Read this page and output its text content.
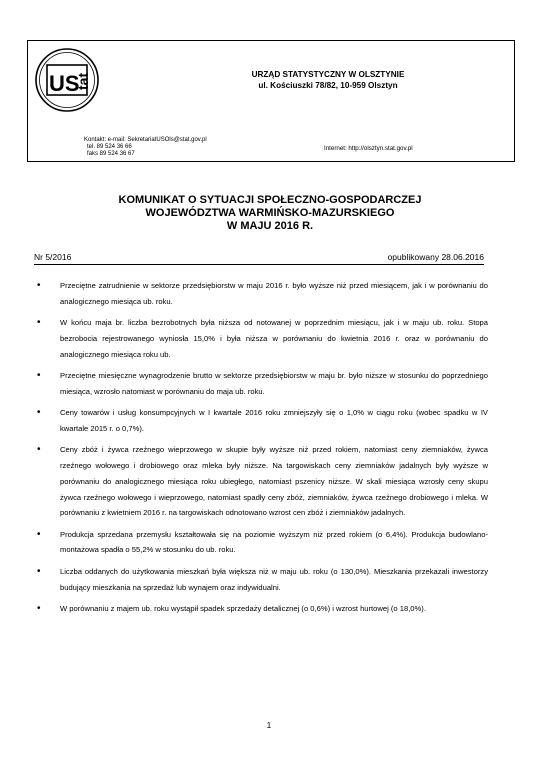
US
tat	URZĄD STATYSTYCZNY W OLSZTYNIE
ul. Kościuszki 78/82, 10-959 Olsztyn
Kontakt: e-mail: SekretariatUSOls@stat.gov.pl
tel. 89 524 36 66
faks 89 524 36 67
Internet: http://olsztyn.stat.gov.pl
KOMUNIKAT O SYTUACJI SPOŁECZNO-GOSPODARCZEJ
WOJEWÓDZTWA WARMIŃSKO-MAZURSKIEGO
W MAJU 2016 R.
Nr 5/2016	opublikowany 28.06.2016
•	Przeciętne zatrudnienie w sektorze przedsiębiorstw w maju 2016 r. było wyższe niż przed miesiącem, jak i w porównaniu do analogicznego miesiąca ub. roku.
•	W końcu maja br. liczba bezrobotnych była niższa od notowanej w poprzednim miesiącu, jak i w maju ub. roku. Stopa bezrobocia rejestrowanego wyniosła 15,0% i była niższa w porównaniu do kwietnia 2016 r. oraz w porównaniu do analogicznego miesiąca roku ub.
•	Przeciętne miesięczne wynagrodzenie brutto w sektorze przedsiębiorstw w maju br. było niższe w stosunku do poprzedniego miesiąca, wzrosło natomiast w porównaniu do maja ub. roku.
•	Ceny towarów i usług konsumpcyjnych w I kwartale 2016 roku zmniejszyły się o 1,0% w ciągu roku (wobec spadku w IV kwartale 2015 r. o 0,7%).
•	Ceny zbóż i żywca rzeźnego wieprzowego w skupie były wyższe niż przed rokiem, natomiast ceny ziemniaków, żywca rzeźnego wołowego i drobiowego oraz mleka były niższe. Na targowiskach ceny ziemniaków jadalnych były wyższe w porównaniu do analogicznego miesiąca roku ubiegłego, natomiast pszenicy niższe. W skali miesiąca wzrosły ceny skupu żywca rzeźnego wołowego i wieprzowego, natomiast spadły ceny zbóż, ziemniaków, żywca rzeźnego drobiowego i mleka. W porównaniu z kwietniem 2016 r. na targowiskach odnotowano wzrost cen zbóż i ziemniaków jadalnych.
•	Produkcja sprzedana przemysłu kształtowała się na poziomie wyższym niż przed rokiem (o 6,4%). Produkcja budowlano-montażowa spadła o 55,2% w stosunku do ub. roku.
•	Liczba oddanych do użytkowania mieszkań była większa niż w maju ub. roku (o 130,0%). Mieszkania przekazali inwestorzy budujący mieszkania na sprzedaż lub wynajem oraz indywidualni.
•	W porównaniu z majem ub. roku wystąpił spadek sprzedaży detalicznej (o 0,6%) i wzrost hurtowej (o 18,0%).
1
